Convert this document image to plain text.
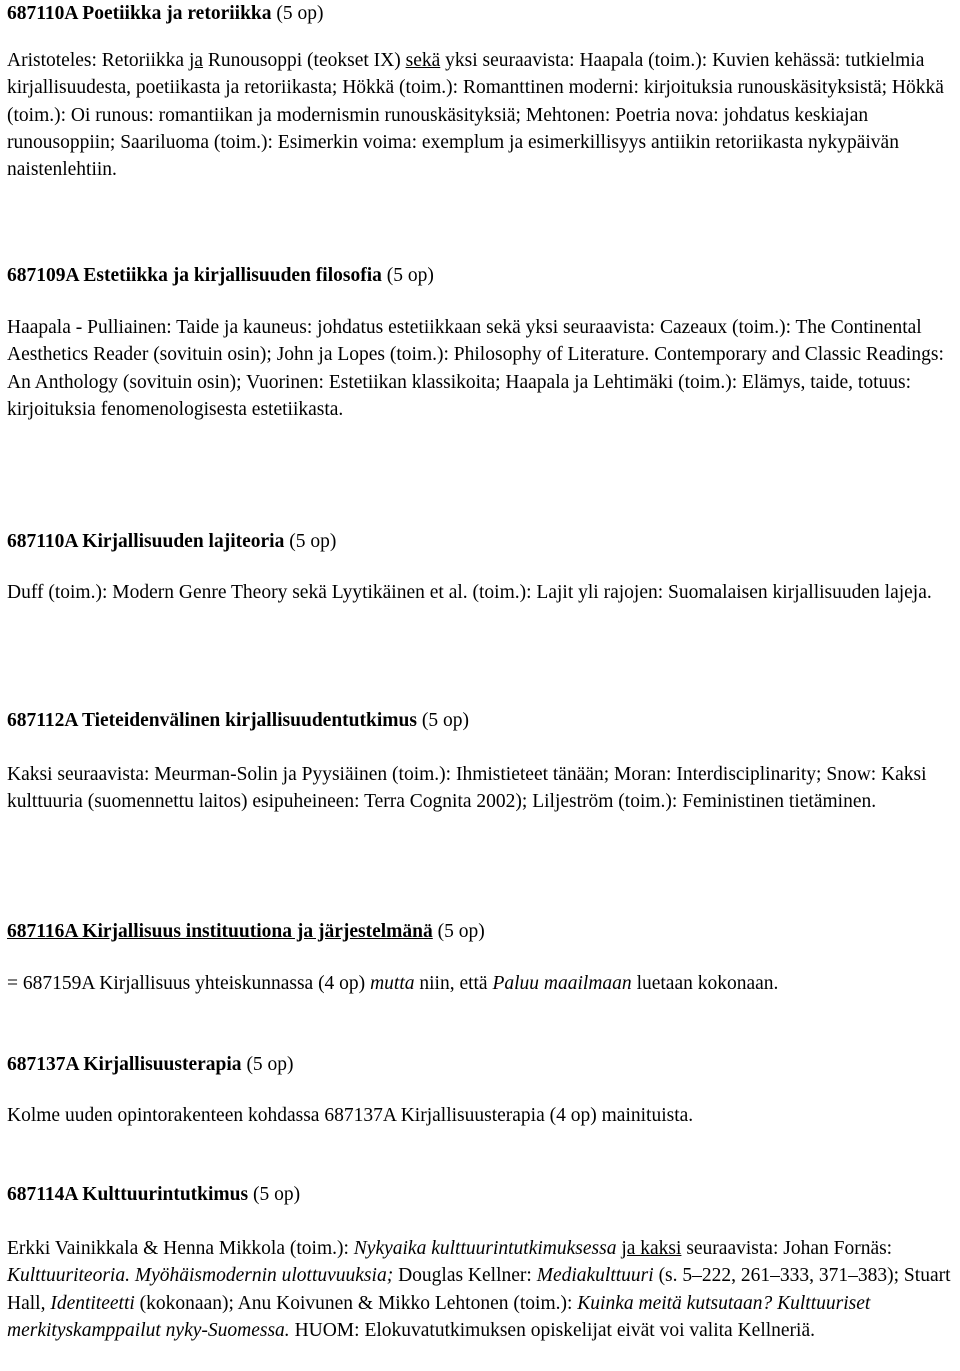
687110A Poetiikka ja retoriikka (5 op)

Aristoteles: Retoriikka ja Runousoppi (teokset IX) sekä yksi seuraavista: Haapala (toim.): Kuvien kehässä: tutkielmia kirjallisuudesta, poetiikasta ja retoriikasta; Hökkä (toim.): Romanttinen moderni: kirjoituksia runouskäsityksistä; Hökkä (toim.): Oi runous: romantiikan ja modernismin runouskäsityksiä; Mehtonen: Poetria nova: johdatus keskiajan runousoppiin; Saariluoma (toim.): Esimerkin voima: exemplum ja esimerkillisyys antiikin retoriikasta nykypäivän naistenlehtiin.

687109A Estetiikka ja kirjallisuuden filosofia (5 op)

Haapala - Pulliainen: Taide ja kauneus: johdatus estetiikkaan sekä yksi seuraavista: Cazeaux (toim.): The Continental Aesthetics Reader (sovituin osin); John ja Lopes (toim.): Philosophy of Literature. Contemporary and Classic Readings: An Anthology (sovituin osin); Vuorinen: Estetiikan klassikoita; Haapala ja Lehtimäki (toim.): Elämys, taide, totuus: kirjoituksia fenomenologisesta estetiikasta.

687110A Kirjallisuuden lajiteoria (5 op)

Duff (toim.): Modern Genre Theory sekä Lyytikäinen et al. (toim.): Lajit yli rajojen: Suomalaisen kirjallisuuden lajeja.

687112A Tieteidenvälinen kirjallisuudentutkimus (5 op)

Kaksi seuraavista: Meurman-Solin ja Pyysiäinen (toim.): Ihmistieteet tänään; Moran: Interdisciplinarity; Snow: Kaksi kulttuuria (suomennettu laitos) esipuheineen: Terra Cognita 2002); Liljeström (toim.): Feministinen tietäminen.

687116A Kirjallisuus instituutiona ja järjestelmänä (5 op)

= 687159A Kirjallisuus yhteiskunnassa (4 op) mutta niin, että Paluu maailmaan luetaan kokonaan.

687137A Kirjallisuusterapia (5 op)

Kolme uuden opintorakenteen kohdassa 687137A Kirjallisuusterapia (4 op) mainituista.

687114A Kulttuurintutkimus (5 op)

Erkki Vainikkala & Henna Mikkola (toim.): Nykyaika kulttuurintutkimuksessa ja kaksi seuraavista: Johan Fornäs: Kulttuuriteoria. Myöhäismodernin ulottuvuuksia; Douglas Kellner: Mediakulttuuri (s. 5–222, 261–333, 371–383); Stuart Hall, Identiteetti (kokonaan); Anu Koivunen & Mikko Lehtonen (toim.): Kuinka meitä kutsutaan? Kulttuuriset merkityskamppailut nyky-Suomessa. HUOM: Elokuvatutkimuksen opiskelijat eivät voi valita Kellneriä.
